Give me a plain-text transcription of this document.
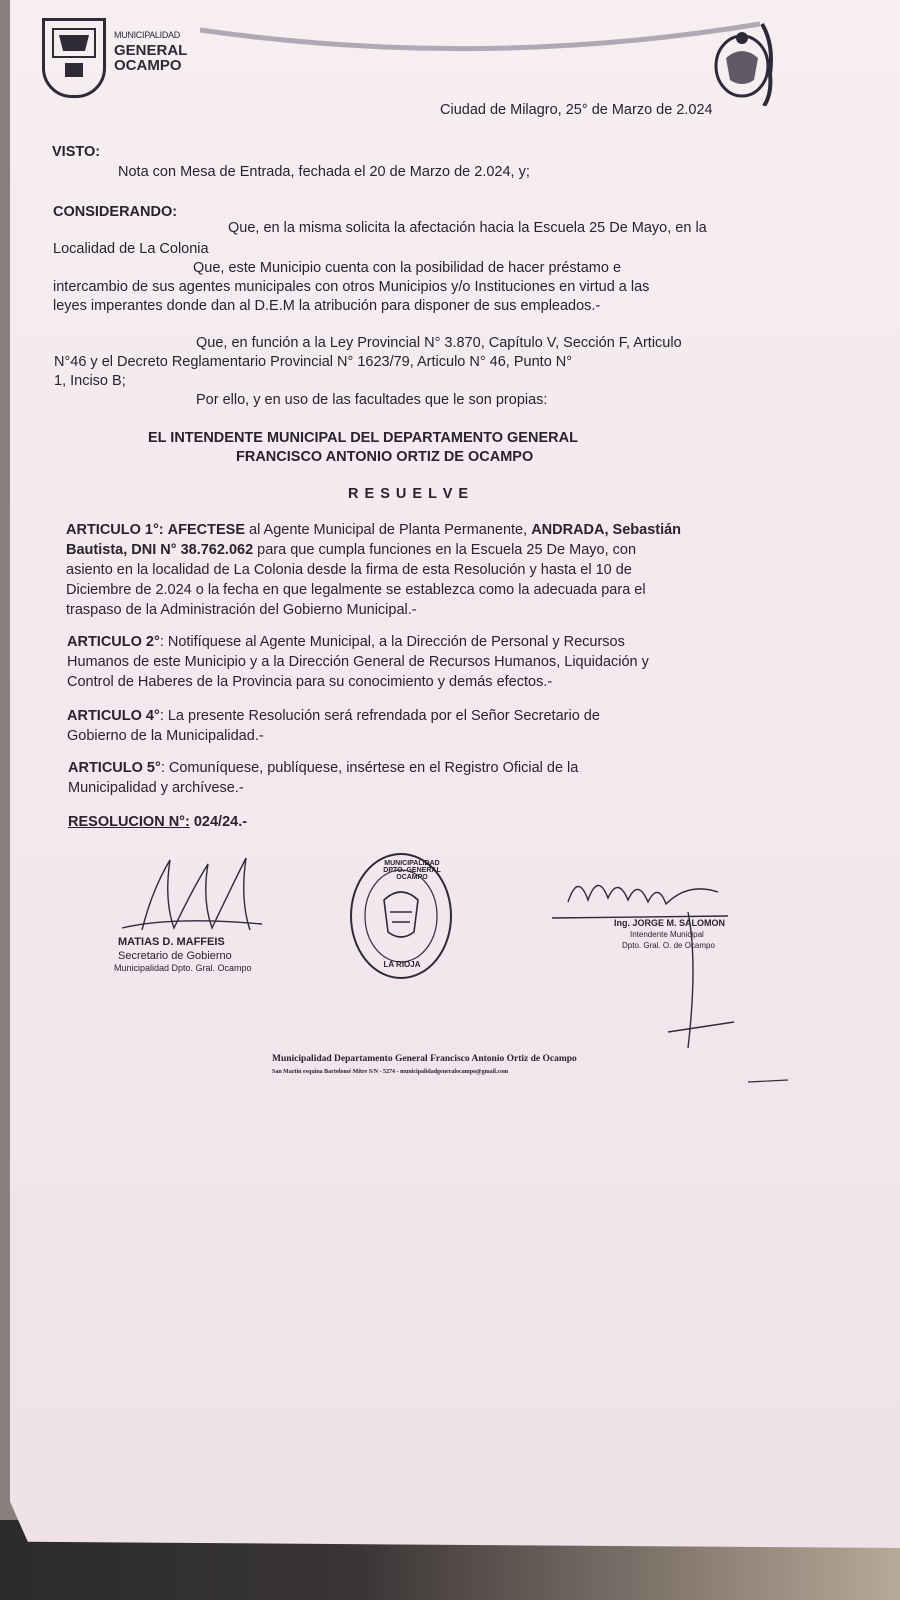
MUNICIPALIDAD
GENERAL
OCAMPO
Ciudad de Milagro, 25° de Marzo de 2.024
VISTO:
Nota con Mesa de Entrada, fechada el 20 de Marzo de 2.024, y;
CONSIDERANDO:
Que, en la misma solicita la afectación hacia la Escuela 25 De Mayo, en la
Localidad de La Colonia
Que, este Municipio cuenta con la posibilidad de hacer préstamo e
intercambio de sus agentes municipales con otros Municipios y/o Instituciones en virtud a las
leyes imperantes donde dan al D.E.M la atribución para disponer de sus empleados.-
Que, en función a la Ley Provincial N° 3.870, Capítulo V, Sección F, Articulo
N°46 y el Decreto Reglamentario Provincial N° 1623/79, Articulo N° 46, Punto N°
1, Inciso B;
Por ello, y en uso de las facultades que le son propias:
EL INTENDENTE MUNICIPAL DEL DEPARTAMENTO GENERAL
FRANCISCO ANTONIO ORTIZ DE OCAMPO
R E S U E L V E
ARTICULO 1°: AFECTESE al Agente Municipal de Planta Permanente, ANDRADA, Sebastián
Bautista, DNI N° 38.762.062 para que cumpla funciones en la Escuela 25 De Mayo, con
asiento en la localidad de La Colonia desde la firma de esta Resolución y hasta el 10 de
Diciembre de 2.024 o la fecha en que legalmente se establezca como la adecuada para el
traspaso de la Administración del Gobierno Municipal.-
ARTICULO 2°: Notifíquese al Agente Municipal, a la Dirección de Personal y Recursos
Humanos de este Municipio y a la Dirección General de Recursos Humanos, Liquidación y
Control de Haberes de la Provincia para su conocimiento y demás efectos.-
ARTICULO 4°: La presente Resolución será refrendada por el Señor Secretario de
Gobierno de la Municipalidad.-
ARTICULO 5°: Comuníquese, publíquese, insértese en el Registro Oficial de la
Municipalidad y archívese.-
RESOLUCION N°: 024/24.-
MATIAS D. MAFFEIS
Secretario de Gobierno
Municipalidad Dpto. Gral. Ocampo
MUNICIPALIDAD DPTO. GENERAL OCAMPO
LA RIOJA
Ing. JORGE M. SALOMON
Intendente Municipal
Dpto. Gral. O. de Ocampo
Municipalidad Departamento General Francisco Antonio Ortiz de Ocampo
San Martín esquina Bartolomé Mitre S/N - 5274 - municipalidadgeneralocampo@gmail.com
